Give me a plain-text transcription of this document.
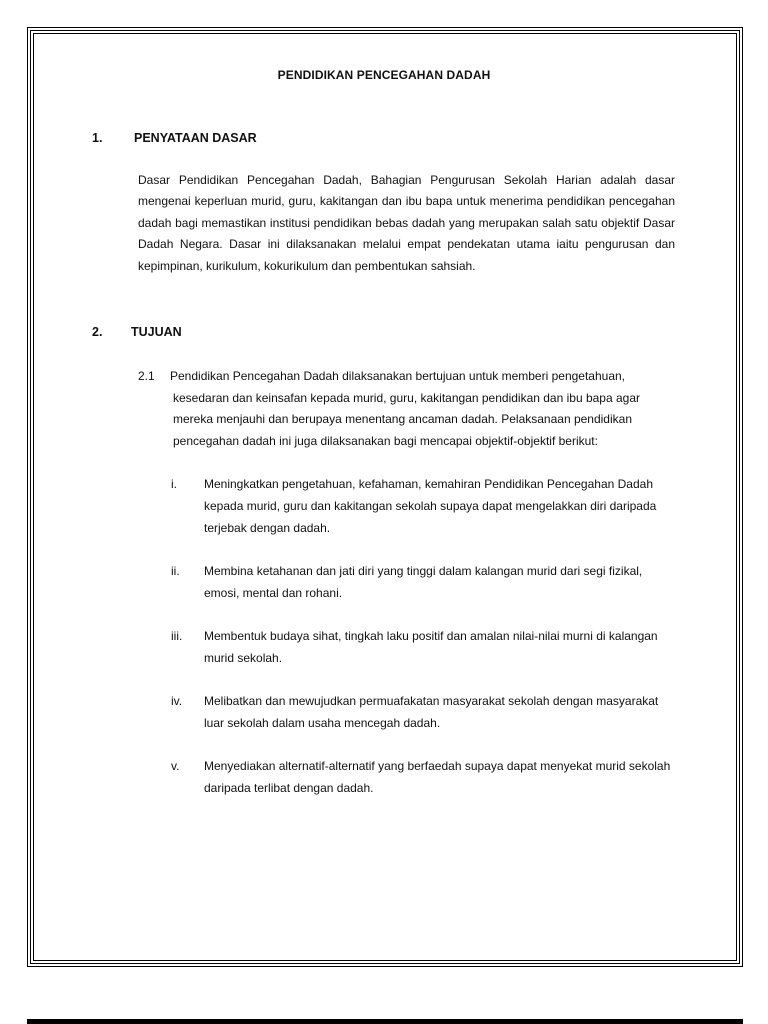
PENDIDIKAN PENCEGAHAN DADAH
1.	PENYATAAN DASAR

Dasar Pendidikan Pencegahan Dadah, Bahagian Pengurusan Sekolah Harian adalah dasar mengenai keperluan murid, guru, kakitangan dan ibu bapa untuk menerima pendidikan pencegahan dadah bagi memastikan institusi pendidikan bebas dadah yang merupakan salah satu objektif Dasar Dadah Negara. Dasar ini dilaksanakan melalui empat pendekatan utama iaitu pengurusan dan kepimpinan, kurikulum, kokurikulum dan pembentukan sahsiah.

2. TUJUAN
2.1	Pendidikan Pencegahan Dadah dilaksanakan bertujuan untuk memberi pengetahuan, kesedaran dan keinsafan kepada murid, guru, kakitangan pendidikan dan ibu bapa agar mereka menjauhi dan berupaya menentang ancaman dadah. Pelaksanaan pendidikan pencegahan dadah ini juga dilaksanakan bagi mencapai objektif-objektif berikut:
i.	Meningkatkan pengetahuan, kefahaman, kemahiran Pendidikan Pencegahan Dadah kepada murid, guru dan kakitangan sekolah supaya dapat mengelakkan diri daripada terjebak dengan dadah.
ii.	Membina ketahanan dan jati diri yang tinggi dalam kalangan murid dari segi fizikal, emosi, mental dan rohani.
iii.	Membentuk budaya sihat, tingkah laku positif dan amalan nilai-nilai murni di kalangan murid sekolah.
iv.	Melibatkan dan mewujudkan permuafakatan masyarakat sekolah dengan masyarakat luar sekolah dalam usaha mencegah dadah.
v.	Menyediakan alternatif-alternatif yang berfaedah supaya dapat menyekat murid sekolah daripada terlibat dengan dadah.
